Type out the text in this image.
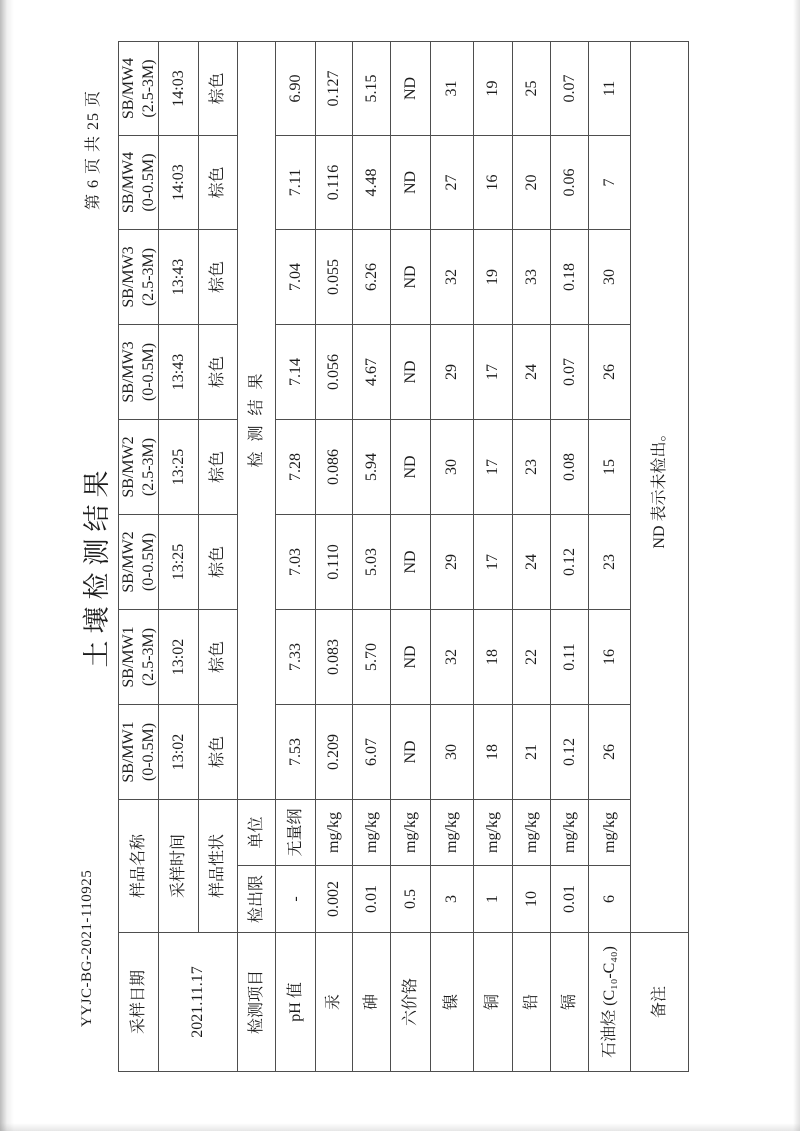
YYJC-BG-2021-110925
土壤检测结果
第 6 页 共 25 页
采样日期	样品名称		SB/MW1 (0-0.5M)	SB/MW1 (2.5-3M)	SB/MW2 (0-0.5M)	SB/MW2 (2.5-3M)	SB/MW3 (0-0.5M)	SB/MW3 (2.5-3M)	SB/MW4 (0-0.5M)	SB/MW4 (2.5-3M)
2021.11.17	采样时间		13:02	13:02	13:25	13:25	13:43	13:43	14:03	14:03
	样品性状		棕色	棕色	棕色	棕色	棕色	棕色	棕色	棕色
检测项目	检出限	单位	检测结果							
pH 值	-	无量纲	7.53	7.33	7.03	7.28	7.14	7.04	7.11	6.90
汞	0.002	mg/kg	0.209	0.083	0.110	0.086	0.056	0.055	0.116	0.127
砷	0.01	mg/kg	6.07	5.70	5.03	5.94	4.67	6.26	4.48	5.15
六价铬	0.5	mg/kg	ND	ND	ND	ND	ND	ND	ND	ND
镍	3	mg/kg	30	32	29	30	29	32	27	31
铜	1	mg/kg	18	18	17	17	17	19	16	19
铅	10	mg/kg	21	22	24	23	24	33	20	25
镉	0.01	mg/kg	0.12	0.11	0.12	0.08	0.07	0.18	0.06	0.07
石油烃 (C₁₀-C₄₀)	6	mg/kg	26	16	23	15	26	30	7	11
备注	ND 表示未检出。									
